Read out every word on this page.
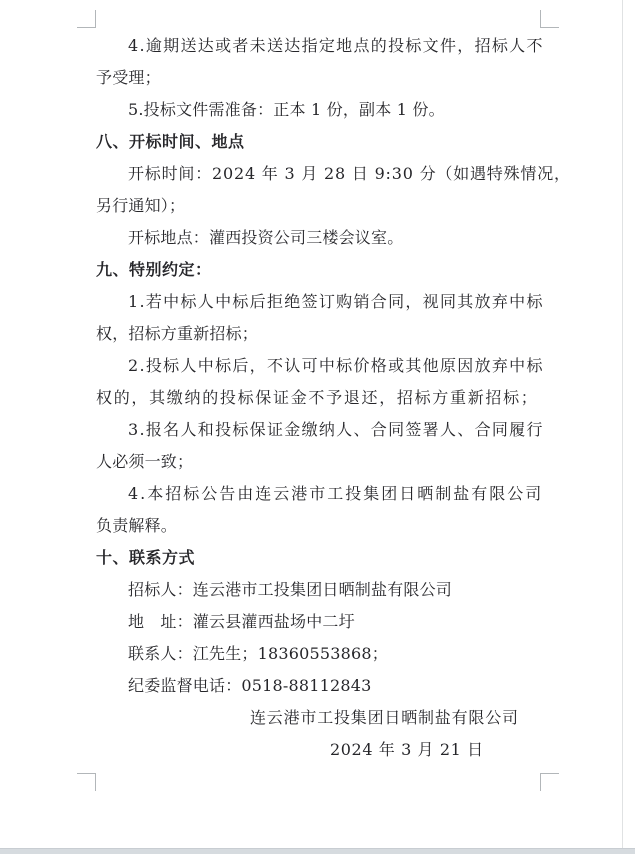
4.逾期送达或者未送达指定地点的投标文件，招标人不
予受理；
5.投标文件需准备：正本 1 份，副本 1 份。
八、开标时间、地点
开标时间：2024 年 3 月 28 日 9:30 分（如遇特殊情况，
另行通知）；
开标地点：灌西投资公司三楼会议室。
九、特别约定：
1.若中标人中标后拒绝签订购销合同，视同其放弃中标
权，招标方重新招标；
2.投标人中标后，不认可中标价格或其他原因放弃中标
权的，其缴纳的投标保证金不予退还，招标方重新招标；
3.报名人和投标保证金缴纳人、合同签署人、合同履行
人必须一致；
4.本招标公告由连云港市工投集团日晒制盐有限公司
负责解释。
十、联系方式
招标人：连云港市工投集团日晒制盐有限公司
地　址：灌云县灌西盐场中二圩
联系人：江先生；18360553868；
纪委监督电话：0518-88112843
连云港市工投集团日晒制盐有限公司
2024 年 3 月 21 日
